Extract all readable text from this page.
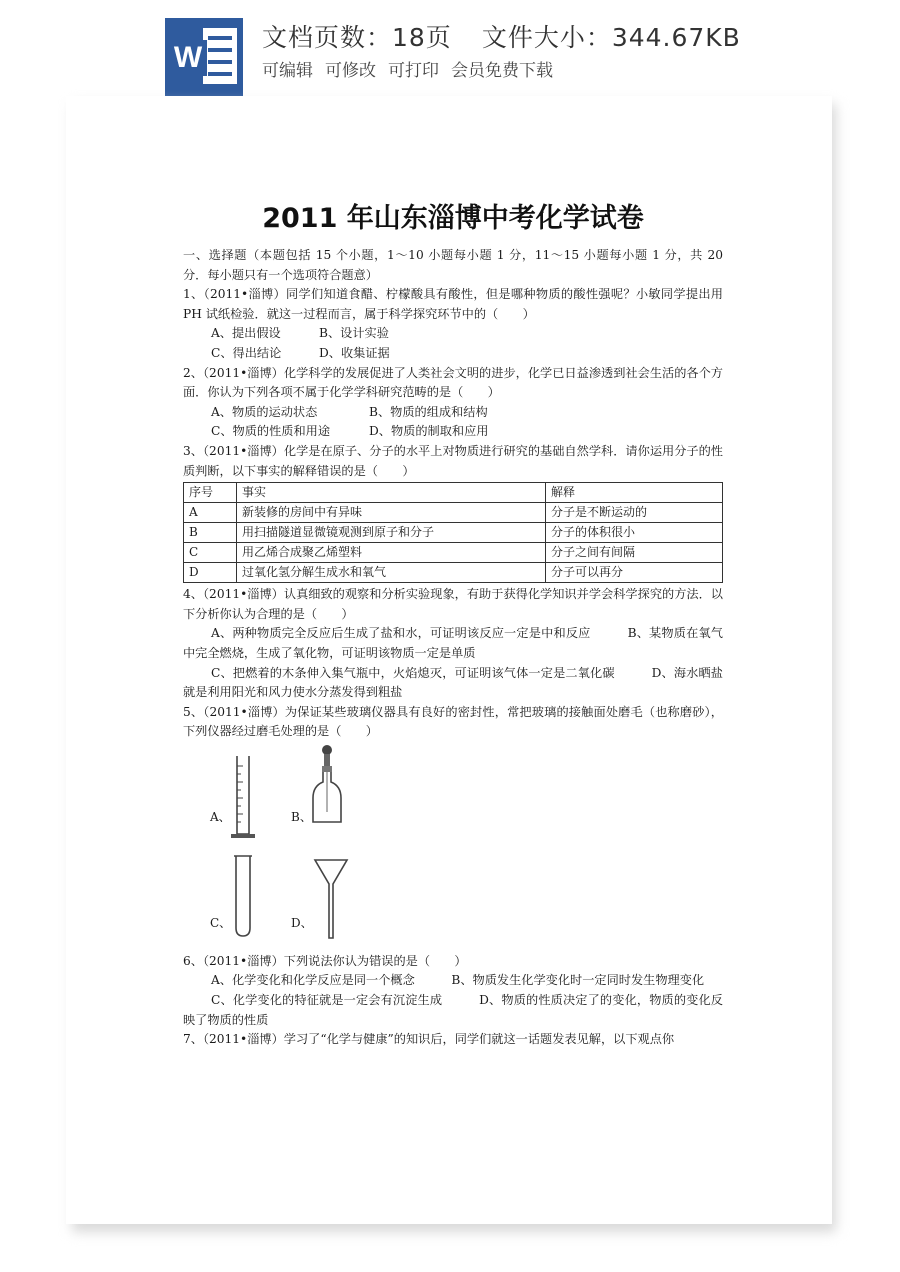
W
文档页数：18页 文件大小：344.67KB
可编辑 可修改 可打印 会员免费下载
2011 年山东淄博中考化学试卷

一、选择题（本题包括 15 个小题，1～10 小题每小题 1 分，11～15 小题每小题 1 分，共 20 分．每小题只有一个选项符合题意）

1、（2011•淄博）同学们知道食醋、柠檬酸具有酸性，但是哪种物质的酸性强呢？小敏同学提出用 PH 试纸检验．就这一过程而言，属于科学探究环节中的（　　）

A、提出假设	B、设计实验

C、得出结论	D、收集证据

2、（2011•淄博）化学科学的发展促进了人类社会文明的进步，化学已日益渗透到社会生活的各个方面．你认为下列各项不属于化学学科研究范畴的是（　　）

A、物质的运动状态	B、物质的组成和结构

C、物质的性质和用途	D、物质的制取和应用

3、（2011•淄博）化学是在原子、分子的水平上对物质进行研究的基础自然学科．请你运用分子的性质判断，以下事实的解释错误的是（　　）

序号	事实	解释
A	新装修的房间中有异味	分子是不断运动的
B	用扫描隧道显微镜观测到原子和分子	分子的体积很小
C	用乙烯合成聚乙烯塑料	分子之间有间隔
D	过氧化氢分解生成水和氧气	分子可以再分

4、（2011•淄博）认真细致的观察和分析实验现象，有助于获得化学知识并学会科学探究的方法．以下分析你认为合理的是（　　）

A、两种物质完全反应后生成了盐和水，可证明该反应一定是中和反应　　　B、某物质在氧气中完全燃烧，生成了氧化物，可证明该物质一定是单质

C、把燃着的木条伸入集气瓶中，火焰熄灭，可证明该气体一定是二氧化碳　　　D、海水晒盐就是利用阳光和风力使水分蒸发得到粗盐

5、（2011•淄博）为保证某些玻璃仪器具有良好的密封性，常把玻璃的接触面处磨毛（也称磨砂），下列仪器经过磨毛处理的是（　　）

A、	B、
C、	D、

6、（2011•淄博）下列说法你认为错误的是（　　）

A、化学变化和化学反应是同一个概念　　　B、物质发生化学变化时一定同时发生物理变化

C、化学变化的特征就是一定会有沉淀生成　　　D、物质的性质决定了的变化，物质的变化反映了物质的性质

7、（2011•淄博）学习了“化学与健康”的知识后，同学们就这一话题发表见解，以下观点你
